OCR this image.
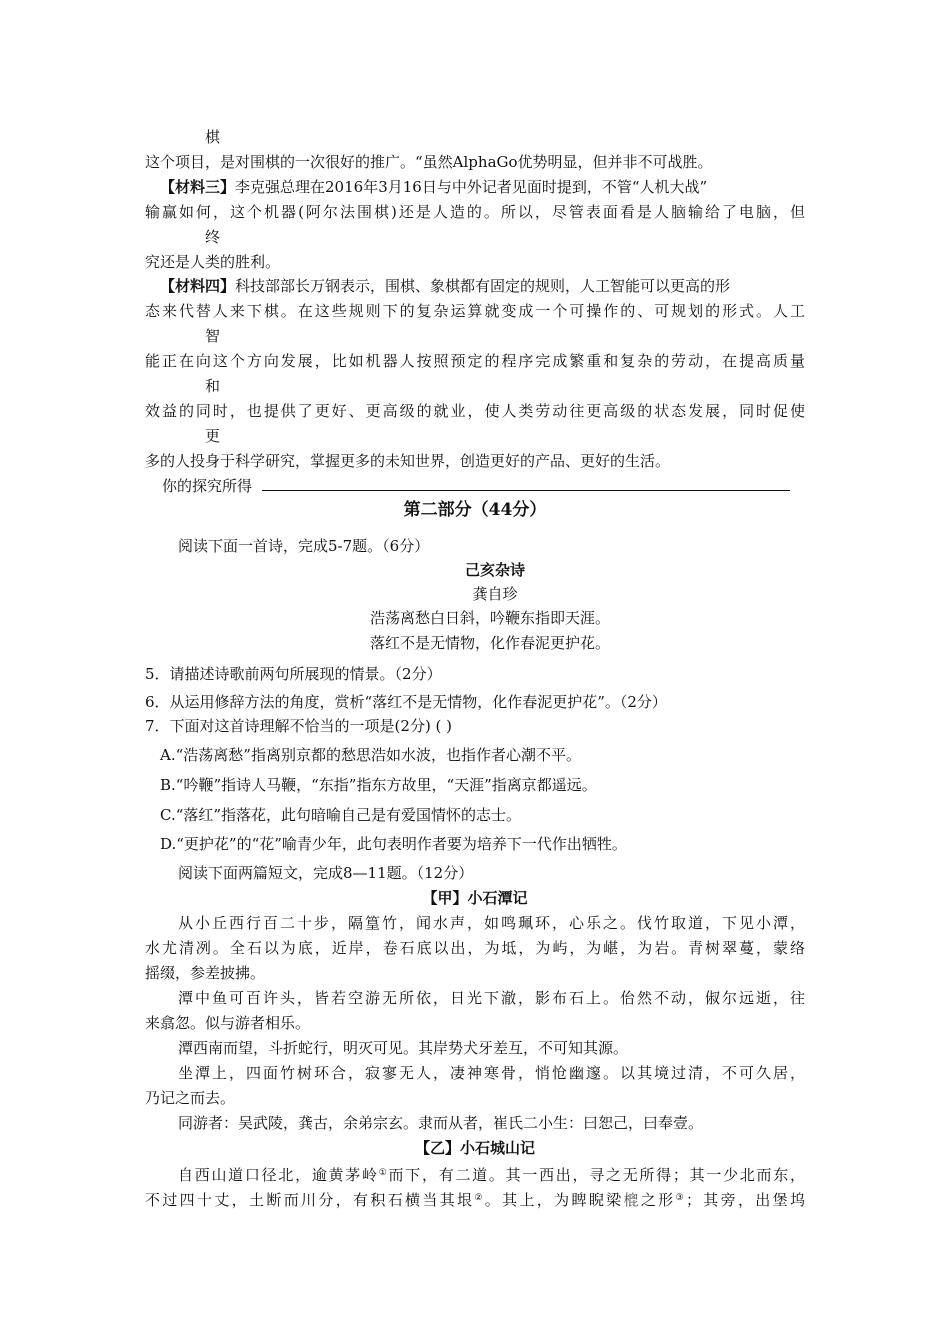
棋
这个项目，是对围棋的一次很好的推广。“虽然AlphaGo优势明显，但并非不可战胜。
【材料三】李克强总理在2016年3月16日与中外记者见面时提到，不管“人机大战”
输赢如何，这个机器(阿尔法围棋)还是人造的。所以，尽管表面看是人脑输给了电脑，但
终
究还是人类的胜利。
【材料四】科技部部长万钢表示，围棋、象棋都有固定的规则，人工智能可以更高的形
态来代替人来下棋。在这些规则下的复杂运算就变成一个可操作的、可规划的形式。人工
智
能正在向这个方向发展，比如机器人按照预定的程序完成繁重和复杂的劳动，在提高质量
和
效益的同时，也提供了更好、更高级的就业，使人类劳动往更高级的状态发展，同时促使
更
多的人投身于科学研究，掌握更多的未知世界，创造更好的产品、更好的生活。
你的探究所得
第二部分（44分）
阅读下面一首诗，完成5-7题。（6分）
己亥杂诗
龚自珍
浩荡离愁白日斜，吟鞭东指即天涯。
落红不是无情物，化作春泥更护花。
5．请描述诗歌前两句所展现的情景。（2分）
6．从运用修辞方法的角度，赏析“落红不是无情物，化作春泥更护花”。（2分）
7．下面对这首诗理解不恰当的一项是(2分) ( )
A.“浩荡离愁”指离别京都的愁思浩如水波，也指作者心潮不平。
B.“吟鞭”指诗人马鞭，“东指”指东方故里，“天涯”指离京都遥远。
C.“落红”指落花，此句暗喻自己是有爱国情怀的志士。
D.“更护花”的“花”喻青少年，此句表明作者要为培养下一代作出牺牲。
阅读下面两篇短文，完成8—11题。（12分）
【甲】小石潭记
从小丘西行百二十步，隔篁竹，闻水声，如鸣珮环，心乐之。伐竹取道，下见小潭，
水尤清冽。全石以为底，近岸，卷石底以出，为坻，为屿，为嵁，为岩。青树翠蔓，蒙络
摇缀，参差披拂。
潭中鱼可百许头，皆若空游无所依，日光下澈，影布石上。佁然不动，俶尔远逝，往
来翕忽。似与游者相乐。
潭西南而望，斗折蛇行，明灭可见。其岸势犬牙差互，不可知其源。
坐潭上，四面竹树环合，寂寥无人，凄神寒骨，悄怆幽邃。以其境过清，不可久居，
乃记之而去。
同游者：吴武陵，龚古，余弟宗玄。隶而从者，崔氏二小生：曰恕己，曰奉壹。
【乙】小石城山记
自西山道口径北，逾黄茅岭①而下，有二道。其一西出，寻之无所得；其一少北而东，
不过四十丈，土断而川分，有积石横当其垠②。其上，为睥睨梁㮰之形③；其旁，出堡坞
